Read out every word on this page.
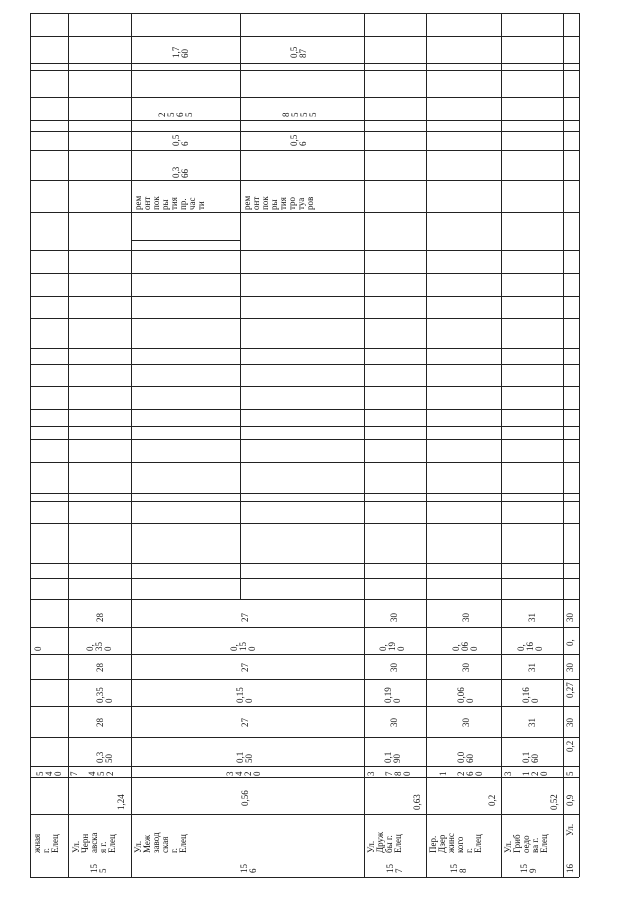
жная
г.
Елец
5
4
0
0
15
5
Ул.
Черн
авска
я г.
Елец
1,24
7

4
5
2
0,3
50
28
0,35
0
28
0,
35
0
28
15
6
Ул.
Меж
завод
ская
г.
Елец
0,56
3
4
2
0
0,1
50
27
0,15
0
27
0,
15
0
27
рем
онт
пок
ры
тия
пр.
час
ти
0,3
66
0,5
6
2
5
6
5
1,7
60
рем
онт
пок
ры
тия
тро
туа
ров
0,5
6
8
5
5
5
0,5
87
15
7
Ул.
Друж
бы г.
Елец
0,63
3

7
8
0
0,1
90
30
0,19
0
30
0,
19
0
30
15
8
Пер.
Дзер
жинс
кого
г.
Елец
0,2
1

2
6
0
0,0
60
30
0,06
0
30
0,
06
0
30
15
9
Ул.
Гриб
оедо
ва г.
Елец
0,52
3

1
2
0
0,1
60
31
0,16
0
31
0,
16
0
31
16
Ул.
0,9
5
0,2
30
0,27
30
0,
30
